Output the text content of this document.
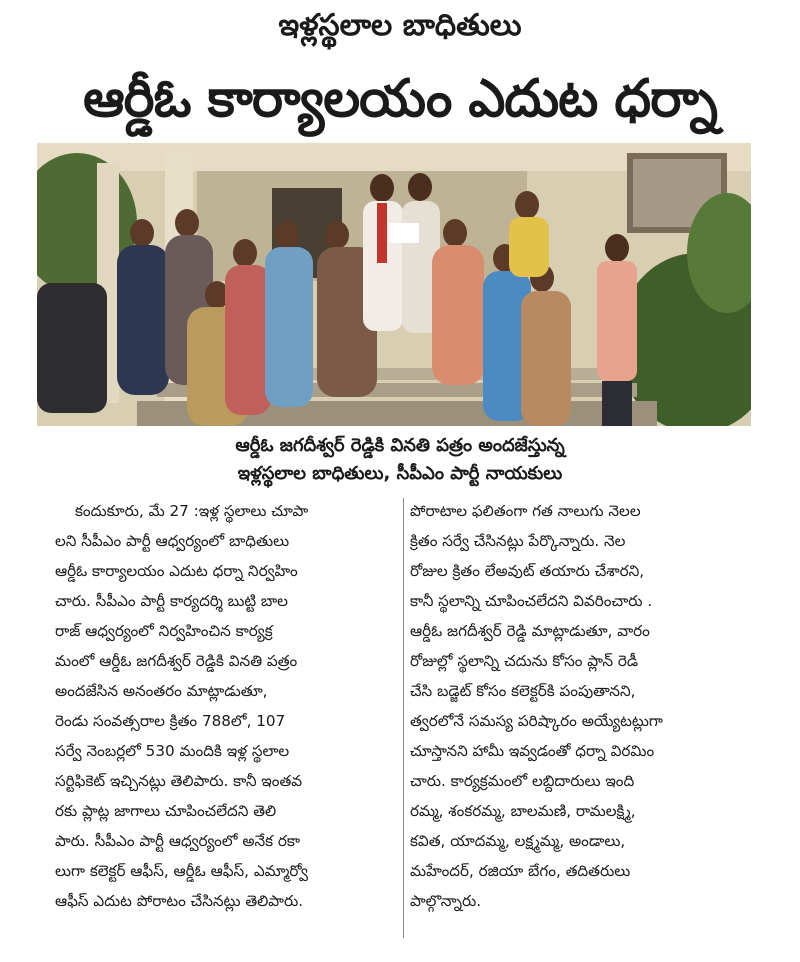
ఇళ్లస్థలాల బాధితులు
ఆర్డీఓ కార్యాలయం ఎదుట ధర్నా
ఆర్డీఓ జగదీశ్వర్ రెడ్డికి వినతి పత్రం అందజేస్తున్న
ఇళ్లస్థలాల బాధితులు, సీపీఎం పార్టీ నాయకులు
కందుకూరు, మే 27 :ఇళ్ల స్థలాలు చూపా
లని సీపీఎం పార్టీ ఆధ్వర్యంలో బాధితులు
ఆర్డీఓ కార్యాలయం ఎదుట ధర్నా నిర్వహిం
చారు. సీపీఎం పార్టీ కార్యదర్శి బుట్టి బాల
రాజ్ ఆధ్వర్యంలో నిర్వహించిన కార్యక్ర
మంలో ఆర్డీఓ జగదీశ్వర్ రెడ్డికి వినతి పత్రం
అందజేసిన అనంతరం మాట్లాడుతూ,
రెండు సంవత్సరాల క్రితం 788లో, 107
సర్వే నెంబర్లలో 530 మందికి ఇళ్ల స్థలాల
సర్టిఫికెట్ ఇచ్చినట్లు తెలిపారు. కానీ ఇంతవ
రకు ప్లాట్ల జాగాలు చూపించలేదని తెలి
పారు. సీపీఎం పార్టీ ఆధ్వర్యంలో అనేక రకా
లుగా కలెక్టర్ ఆఫీస్, ఆర్డీఓ ఆఫీస్, ఎమ్మార్వో
ఆఫీస్ ఎదుట పోరాటం చేసినట్లు తెలిపారు.
పోరాటాల ఫలితంగా గత నాలుగు నెలల
క్రితం సర్వే చేసినట్లు పేర్కొన్నారు. నెల
రోజుల క్రితం లేఅవుట్ తయారు చేశారని,
కానీ స్థలాన్ని చూపించలేదని వివరించారు .
ఆర్డీఓ జగదీశ్వర్ రెడ్డి మాట్లాడుతూ, వారం
రోజుల్లో స్థలాన్ని చదును కోసం ప్లాన్ రెడీ
చేసి బడ్జెట్ కోసం కలెక్టర్‌కి పంపుతానని,
త్వరలోనే సమస్య పరిష్కారం అయ్యేటట్లుగా
చూస్తానని హామీ ఇవ్వడంతో ధర్నా విరమిం
చారు. కార్యక్రమంలో లబ్దిదారులు ఇంది
రమ్మ, శంకరమ్మ, బాలమణి, రామలక్ష్మి,
కవిత, యాదమ్మ, లక్ష్మమ్మ, అండాలు,
మహేందర్, రజియా బేగం, తదితరులు
పాల్గొన్నారు.
